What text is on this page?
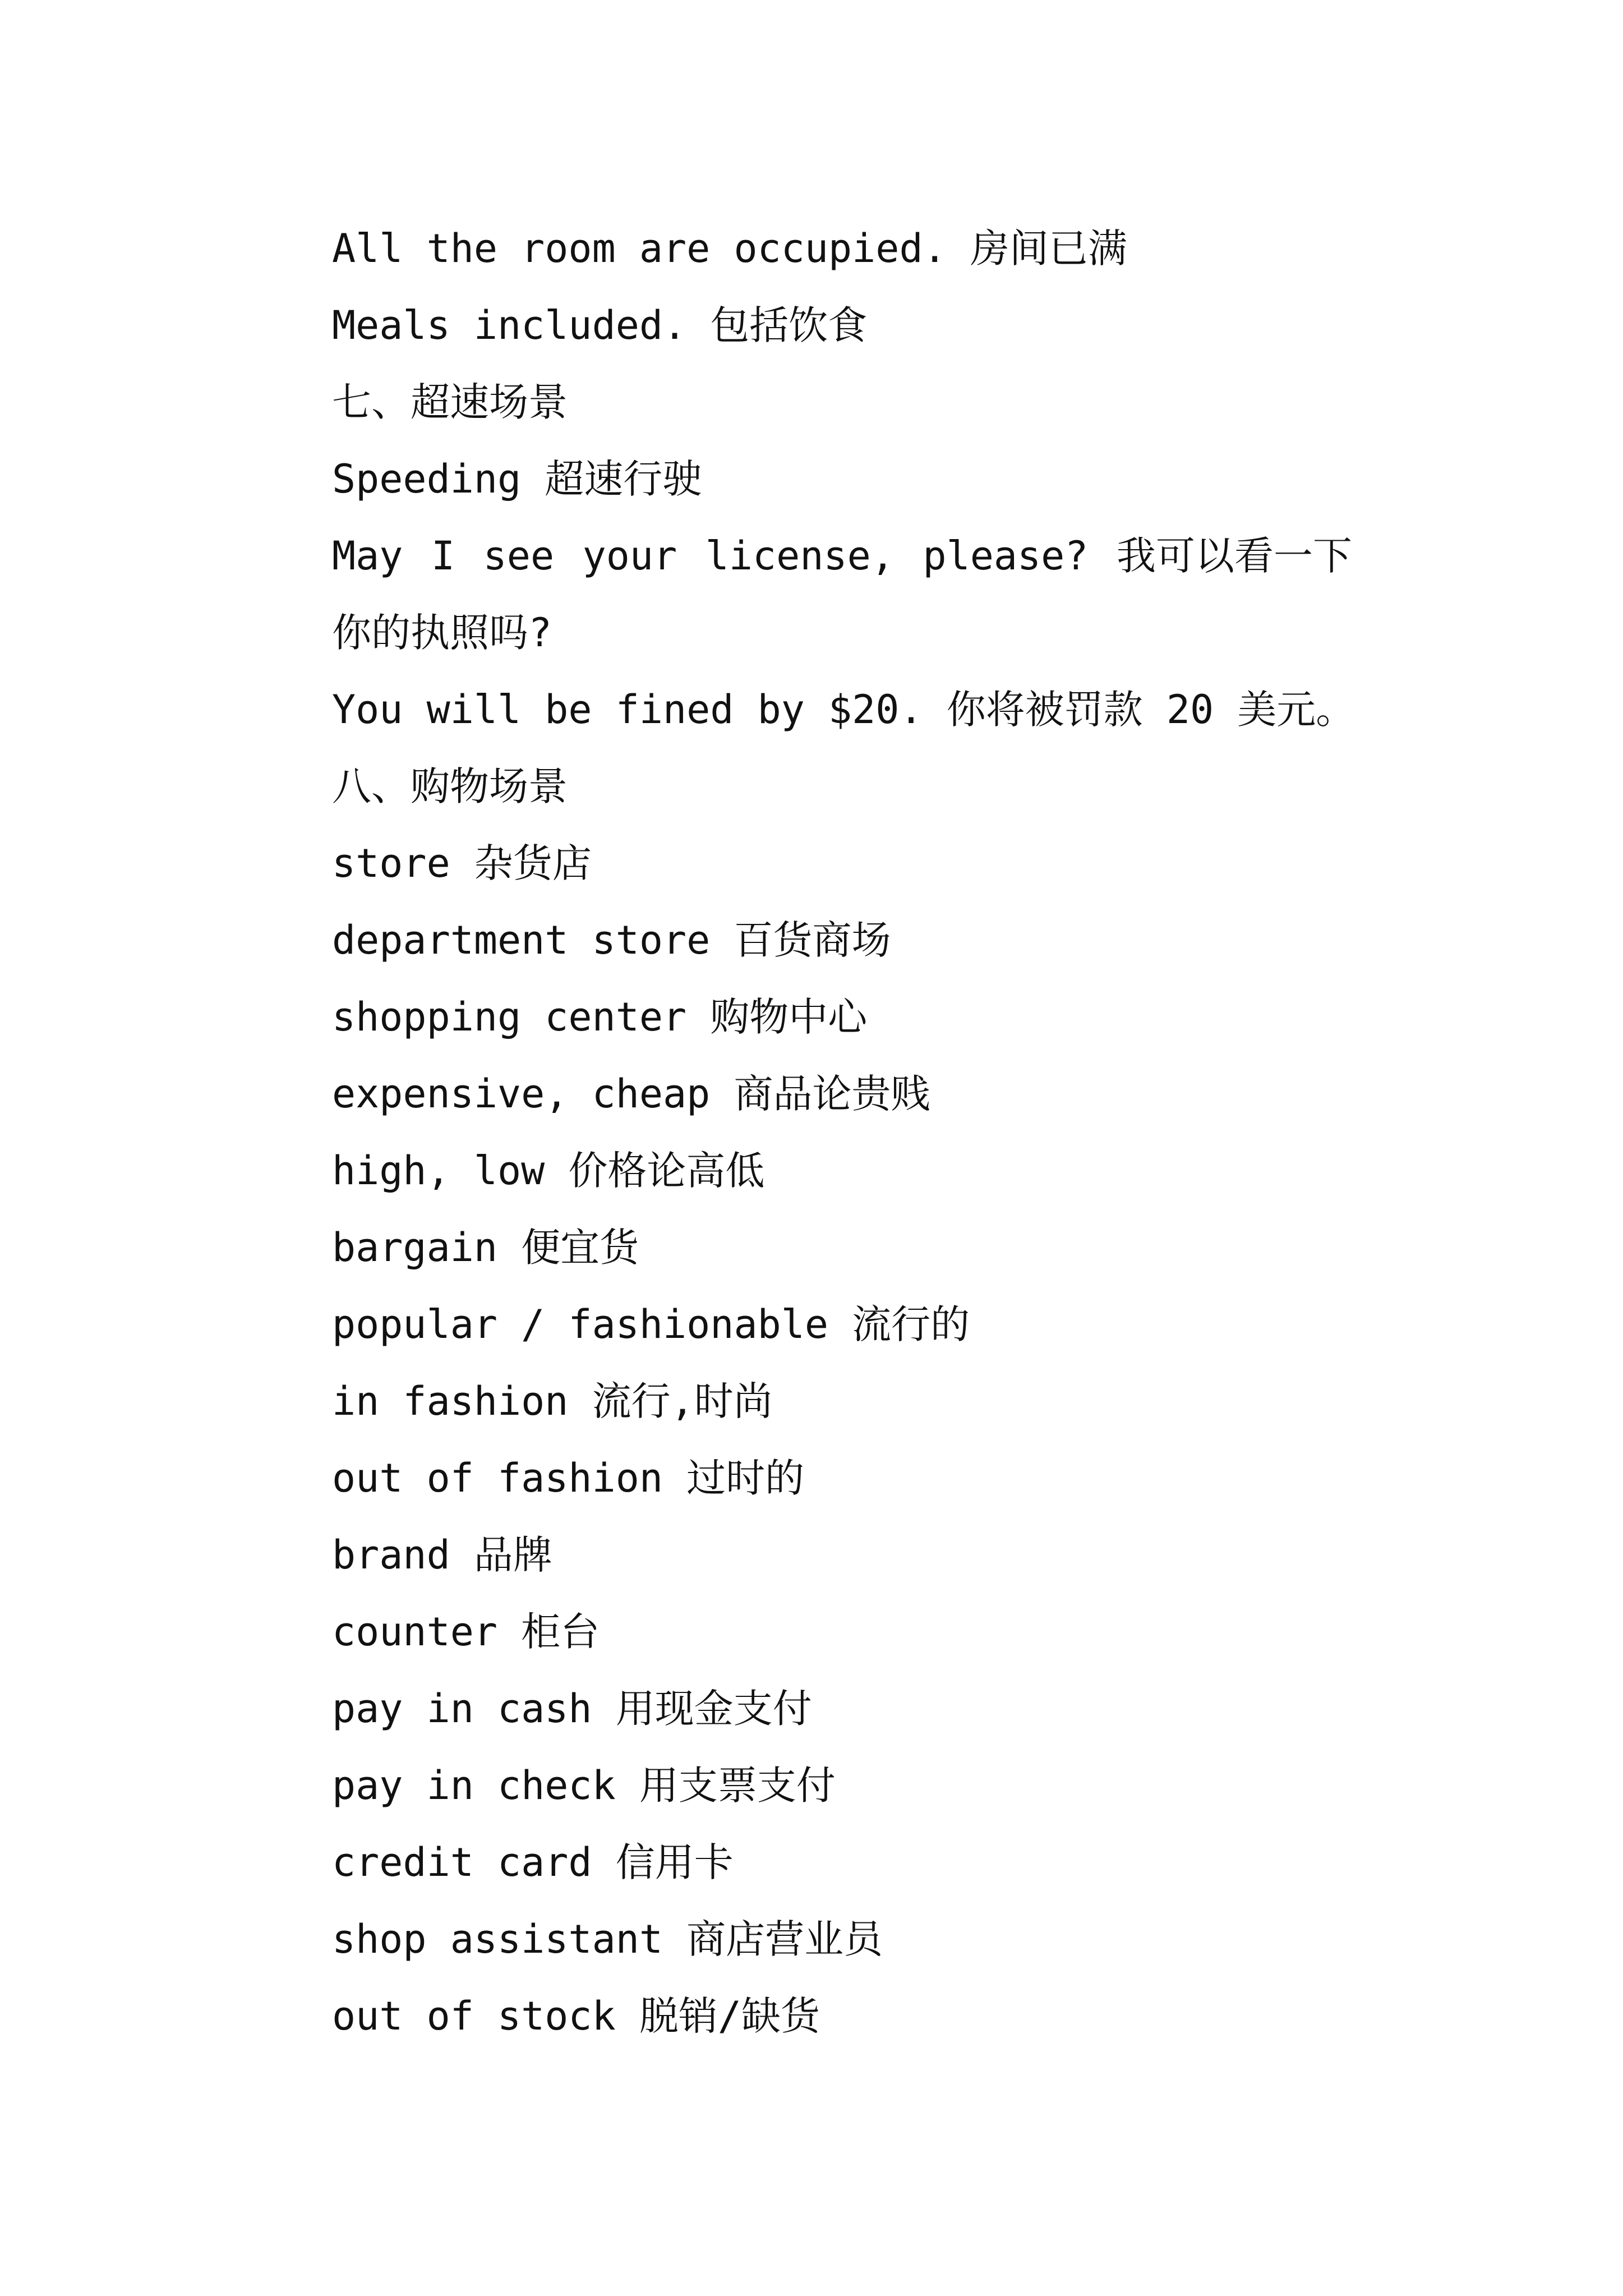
All the room are occupied. 房间已满

Meals included. 包括饮食

七、超速场景

Speeding 超速行驶

May I see your license, please? 我可以看一下你的执照吗?

You will be fined by $20. 你将被罚款 20 美元。

八、购物场景

store 杂货店

department store 百货商场

shopping center 购物中心

expensive, cheap 商品论贵贱

high, low 价格论高低

bargain 便宜货

popular / fashionable 流行的

in fashion 流行,时尚

out of fashion 过时的

brand 品牌

counter 柜台

pay in cash 用现金支付

pay in check 用支票支付

credit card 信用卡

shop assistant 商店营业员

out of stock 脱销/缺货
